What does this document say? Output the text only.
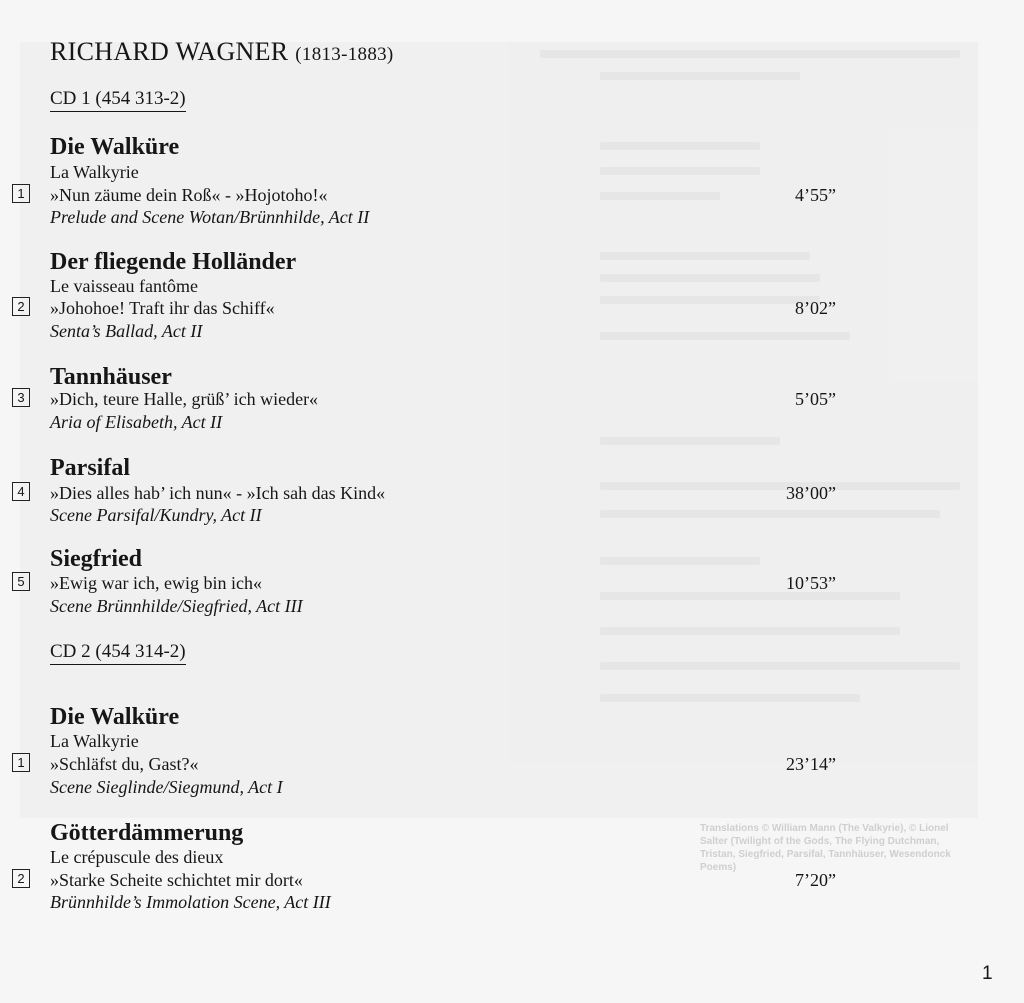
RICHARD WAGNER (1813-1883)
CD 1 (454 313-2)
Die Walküre
La Walkyrie
1 »Nun zäume dein Roß« - »Hojotoho!«	4’55”
Prelude and Scene Wotan/Brünnhilde, Act II
Der fliegende Holländer
Le vaisseau fantôme
2 »Johohoe! Traft ihr das Schiff«	8’02”
Senta’s Ballad, Act II
Tannhäuser
3 »Dich, teure Halle, grüß’ ich wieder«	5’05”
Aria of Elisabeth, Act II
Parsifal
4 »Dies alles hab’ ich nun« - »Ich sah das Kind«	38’00”
Scene Parsifal/Kundry, Act II
Siegfried
5 »Ewig war ich, ewig bin ich«	10’53”
Scene Brünnhilde/Siegfried, Act III
CD 2 (454 314-2)
Die Walküre
La Walkyrie
1 »Schläfst du, Gast?«	23’14”
Scene Sieglinde/Siegmund, Act I
Götterdämmerung
Le crépuscule des dieux
2 »Starke Scheite schichtet mir dort«	7’20”
Brünnhilde’s Immolation Scene, Act III
Translations © William Mann (The Valkyrie), © Lionel Salter (Twilight of the Gods, The Flying Dutchman, Tristan, Siegfried, Parsifal, Tannhäuser, Wesendonck Poems)
1
